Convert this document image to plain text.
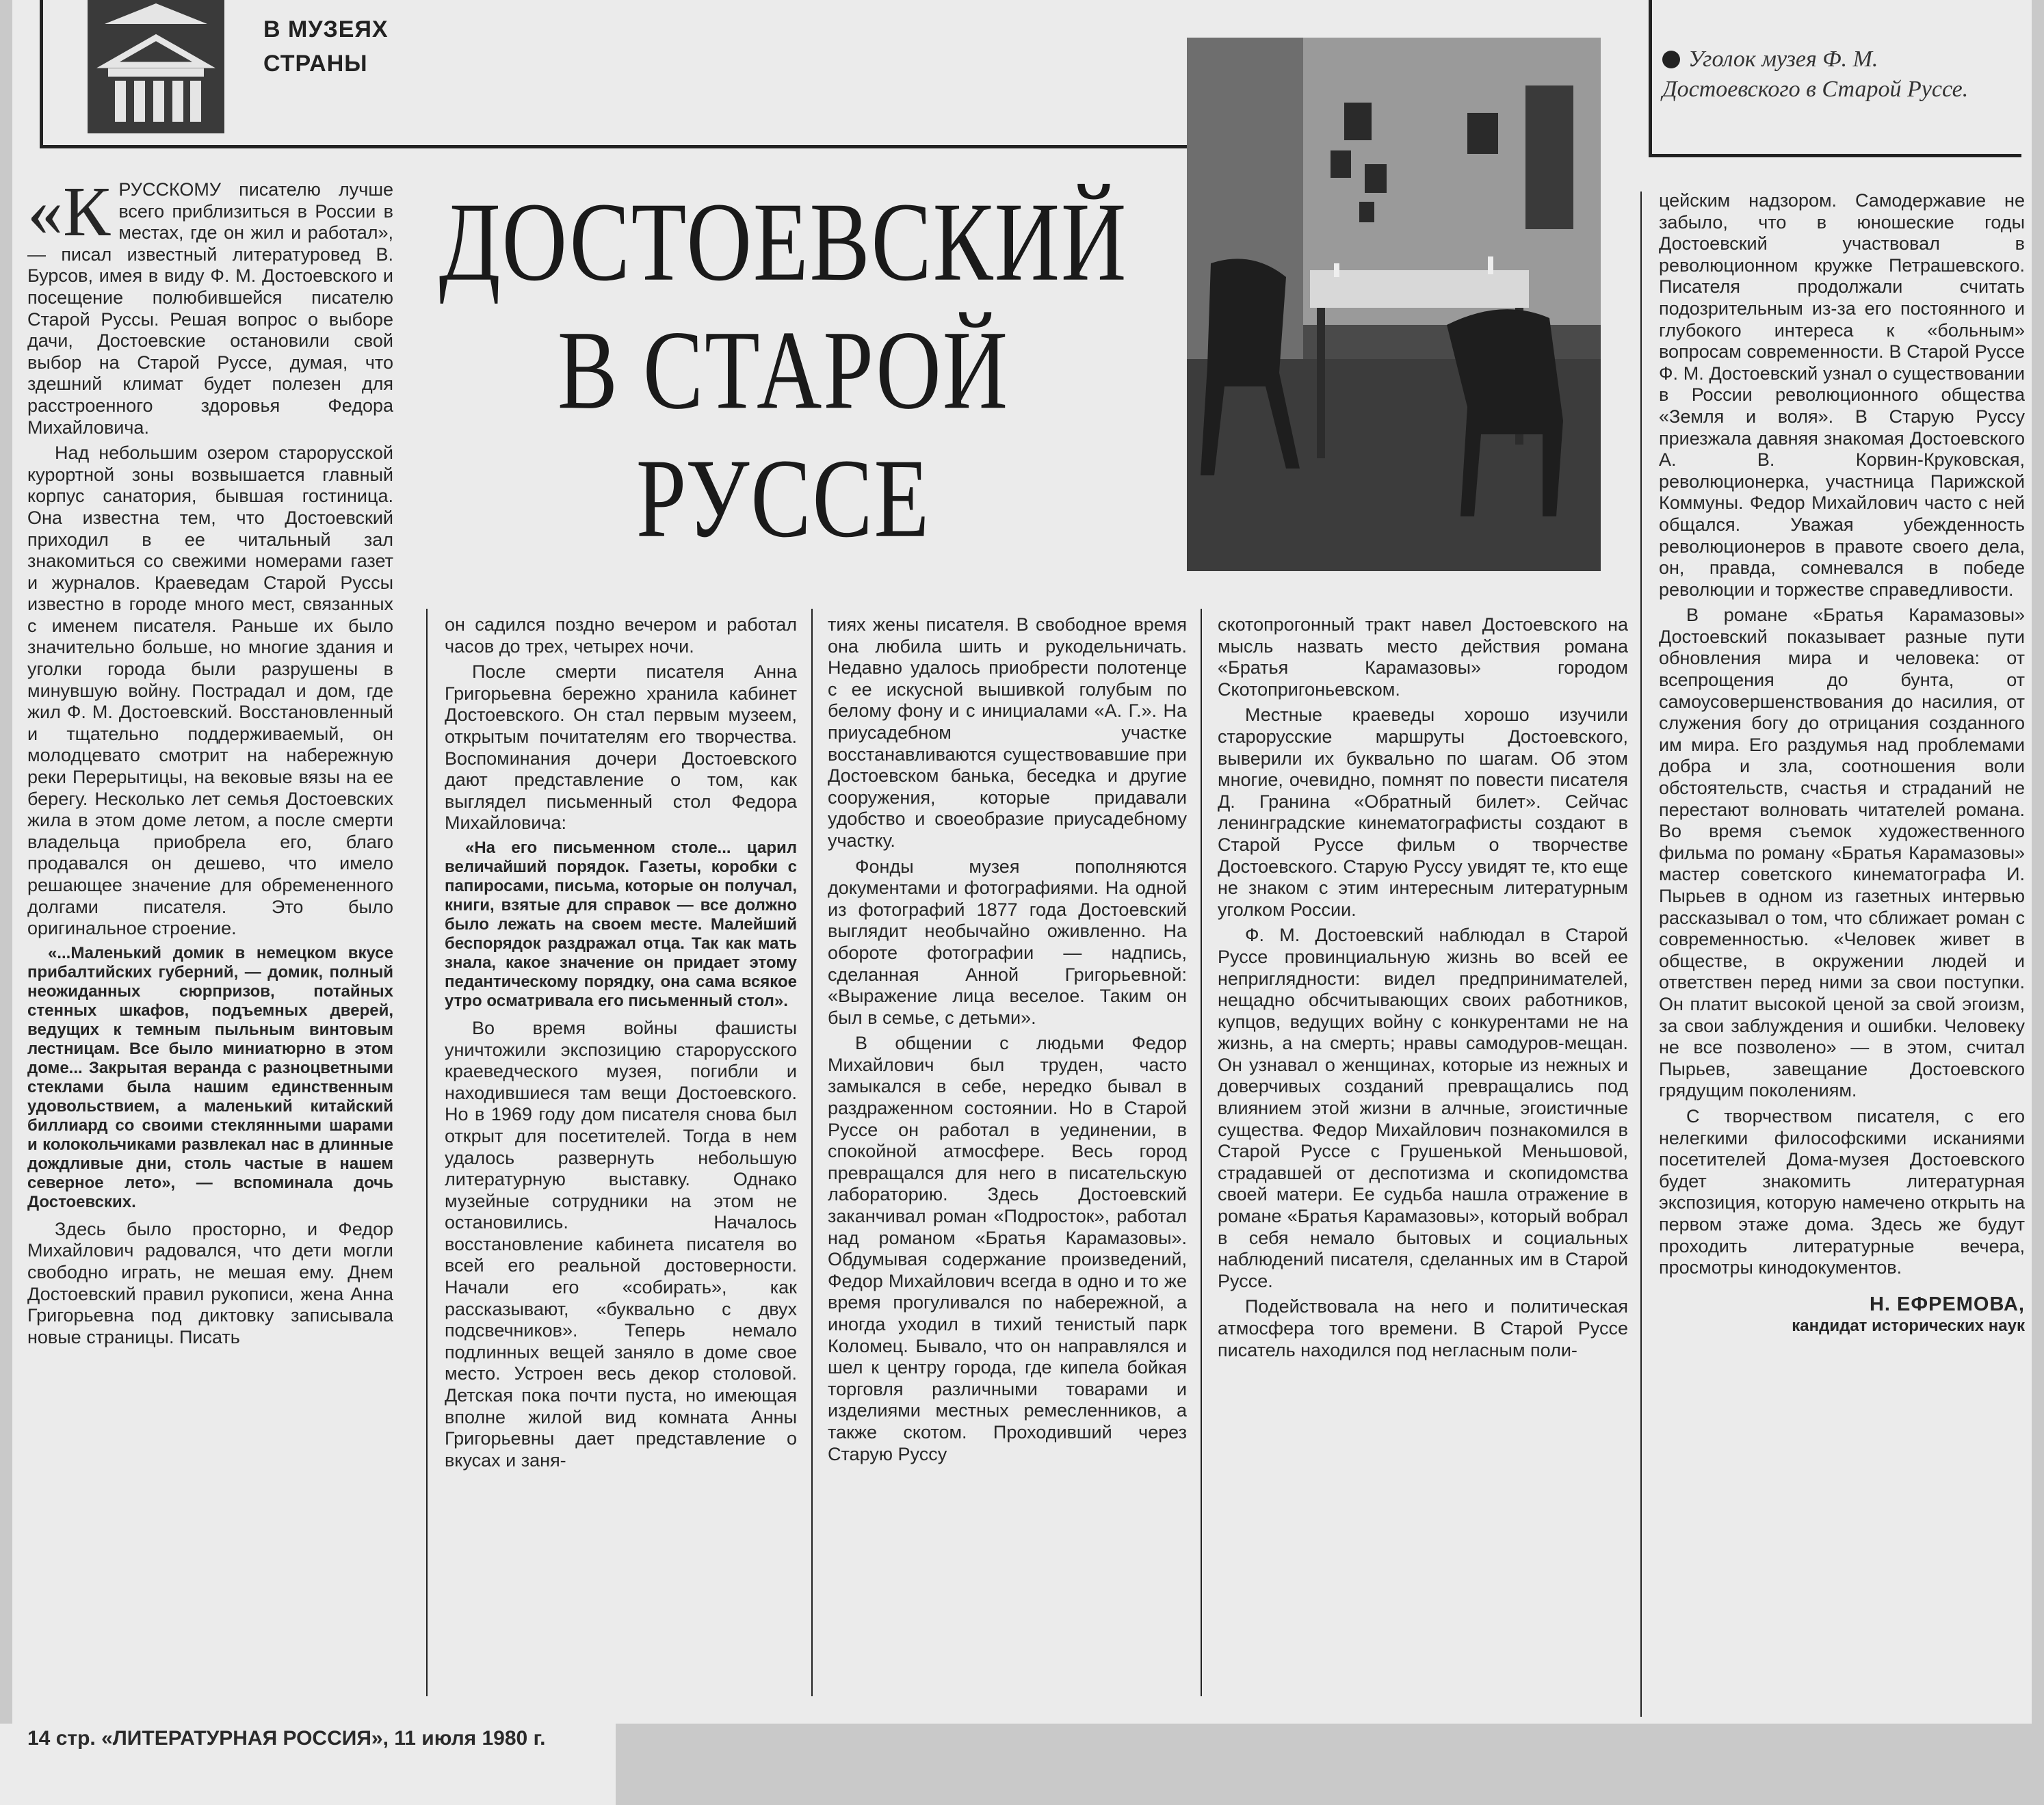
В МУЗЕЯХ
СТРАНЫ
ДОСТОЕВСКИЙ
В СТАРОЙ
РУССЕ
Уголок музея Ф. М. Достоевского в Старой Руссе.

«КРУССКОМУ писателю лучше всего приблизиться в России в местах, где он жил и работал», — писал известный литературовед В. Бурсов, имея в виду Ф. М. Достоевского и посещение полюбившейся писателю Старой Руссы. Решая вопрос о выборе дачи, Достоевские остановили свой выбор на Старой Руссе, думая, что здешний климат будет полезен для расстроенного здоровья Федора Михайловича.

Над небольшим озером старорусской курортной зоны возвышается главный корпус санатория, бывшая гостиница. Она известна тем, что Достоевский приходил в ее читальный зал знакомиться со свежими номерами газет и журналов. Краеведам Старой Руссы известно в городе много мест, связанных с именем писателя. Раньше их было значительно больше, но многие здания и уголки города были разрушены в минувшую войну. Пострадал и дом, где жил Ф. М. Достоевский. Восстановленный и тщательно поддерживаемый, он молодцевато смотрит на набережную реки Перерытицы, на вековые вязы на ее берегу. Несколько лет семья Достоевских жила в этом доме летом, а после смерти владельца приобрела его, благо продавался он дешево, что имело решающее значение для обремененного долгами писателя. Это было оригинальное строение.

«...Маленький домик в немецком вкусе прибалтийских губерний, — домик, полный неожиданных сюрпризов, потайных стенных шкафов, подъемных дверей, ведущих к темным пыльным винтовым лестницам. Все было миниатюрно в этом доме... Закрытая веранда с разноцветными стеклами была нашим единственным удовольствием, а маленький китайский биллиард со своими стеклянными шарами и колокольчиками развлекал нас в длинные дождливые дни, столь частые в нашем северное лето», — вспоминала дочь Достоевских.

Здесь было просторно, и Федор Михайлович радовался, что дети могли свободно играть, не мешая ему. Днем Достоевский правил рукописи, жена Анна Григорьевна под диктовку записывала новые страницы. Писать

он садился поздно вечером и работал часов до трех, четырех ночи.

После смерти писателя Анна Григорьевна бережно хранила кабинет Достоевского. Он стал первым музеем, открытым почитателям его творчества. Воспоминания дочери Достоевского дают представление о том, как выглядел письменный стол Федора Михайловича:

«На его письменном столе... царил величайший порядок. Газеты, коробки с папиросами, письма, которые он получал, книги, взятые для справок — все должно было лежать на своем месте. Малейший беспорядок раздражал отца. Так как мать знала, какое значение он придает этому педантическому порядку, она сама всякое утро осматривала его письменный стол».

Во время войны фашисты уничтожили экспозицию старорусского краеведческого музея, погибли и находившиеся там вещи Достоевского. Но в 1969 году дом писателя снова был открыт для посетителей. Тогда в нем удалось развернуть небольшую литературную выставку. Однако музейные сотрудники на этом не остановились. Началось восстановление кабинета писателя во всей его реальной достоверности. Начали его «собирать», как рассказывают, «буквально с двух подсвечников». Теперь немало подлинных вещей заняло в доме свое место. Устроен весь декор столовой. Детская пока почти пуста, но имеющая вполне жилой вид комната Анны Григорьевны дает представление о вкусах и заня-

тиях жены писателя. В свободное время она любила шить и рукодельничать. Недавно удалось приобрести полотенце с ее искусной вышивкой голубым по белому фону и с инициалами «А. Г.». На приусадебном участке восстанавливаются существовавшие при Достоевском банька, беседка и другие сооружения, которые придавали удобство и своеобразие приусадебному участку.

Фонды музея пополняются документами и фотографиями. На одной из фотографий 1877 года Достоевский выглядит необычайно оживленно. На обороте фотографии — надпись, сделанная Анной Григорьевной: «Выражение лица веселое. Таким он был в семье, с детьми».

В общении с людьми Федор Михайлович был труден, часто замыкался в себе, нередко бывал в раздраженном состоянии. Но в Старой Руссе он работал в уединении, в спокойной атмосфере. Весь город превращался для него в писательскую лабораторию. Здесь Достоевский заканчивал роман «Подросток», работал над романом «Братья Карамазовы». Обдумывая содержание произведений, Федор Михайлович всегда в одно и то же время прогуливался по набережной, а иногда уходил в тихий тенистый парк Коломец. Бывало, что он направлялся и шел к центру города, где кипела бойкая торговля различными товарами и изделиями местных ремесленников, а также скотом. Проходивший через Старую Руссу

скотопрогонный тракт навел Достоевского на мысль назвать место действия романа «Братья Карамазовы» городом Скотопригоньевском.

Местные краеведы хорошо изучили старорусские маршруты Достоевского, выверили их буквально по шагам. Об этом многие, очевидно, помнят по повести писателя Д. Гранина «Обратный билет». Сейчас ленинградские кинематографисты создают в Старой Руссе фильм о творчестве Достоевского. Старую Руссу увидят те, кто еще не знаком с этим интересным литературным уголком России.

Ф. М. Достоевский наблюдал в Старой Руссе провинциальную жизнь во всей ее неприглядности: видел предпринимателей, нещадно обсчитывающих своих работников, купцов, ведущих войну с конкурентами не на жизнь, а на смерть; нравы самодуров-мещан. Он узнавал о женщинах, которые из нежных и доверчивых созданий превращались под влиянием этой жизни в алчные, эгоистичные существа. Федор Михайлович познакомился в Старой Руссе с Грушенькой Меньшовой, страдавшей от деспотизма и скопидомства своей матери. Ее судьба нашла отражение в романе «Братья Карамазовы», который вобрал в себя немало бытовых и социальных наблюдений писателя, сделанных им в Старой Руссе.

Подействовала на него и политическая атмосфера того времени. В Старой Руссе писатель находился под негласным поли-

цейским надзором. Самодержавие не забыло, что в юношеские годы Достоевский участвовал в революционном кружке Петрашевского. Писателя продолжали считать подозрительным из-за его постоянного и глубокого интереса к «больным» вопросам современности. В Старой Руссе Ф. М. Достоевский узнал о существовании в России революционного общества «Земля и воля». В Старую Руссу приезжала давняя знакомая Достоевского А. В. Корвин-Круковская, революционерка, участница Парижской Коммуны. Федор Михайлович часто с ней общался. Уважая убежденность революционеров в правоте своего дела, он, правда, сомневался в победе революции и торжестве справедливости.

В романе «Братья Карамазовы» Достоевский показывает разные пути обновления мира и человека: от всепрощения до бунта, от самоусовершенствования до насилия, от служения богу до отрицания созданного им мира. Его раздумья над проблемами добра и зла, соотношения воли обстоятельств, счастья и страданий не перестают волновать читателей романа. Во время съемок художественного фильма по роману «Братья Карамазовы» мастер советского кинематографа И. Пырьев в одном из газетных интервью рассказывал о том, что сближает роман с современностью. «Человек живет в обществе, в окружении людей и ответствен перед ними за свои поступки. Он платит высокой ценой за свой эгоизм, за свои заблуждения и ошибки. Человеку не все позволено» — в этом, считал Пырьев, завещание Достоевского грядущим поколениям.

С творчеством писателя, с его нелегкими философскими исканиями посетителей Дома-музея Достоевского будет знакомить литературная экспозиция, которую намечено открыть на первом этаже дома. Здесь же будут проходить литературные вечера, просмотры кинодокументов.

Н. ЕФРЕМОВА,
кандидат исторических наук
14 стр. «ЛИТЕРАТУРНАЯ РОССИЯ», 11 июля 1980 г.
